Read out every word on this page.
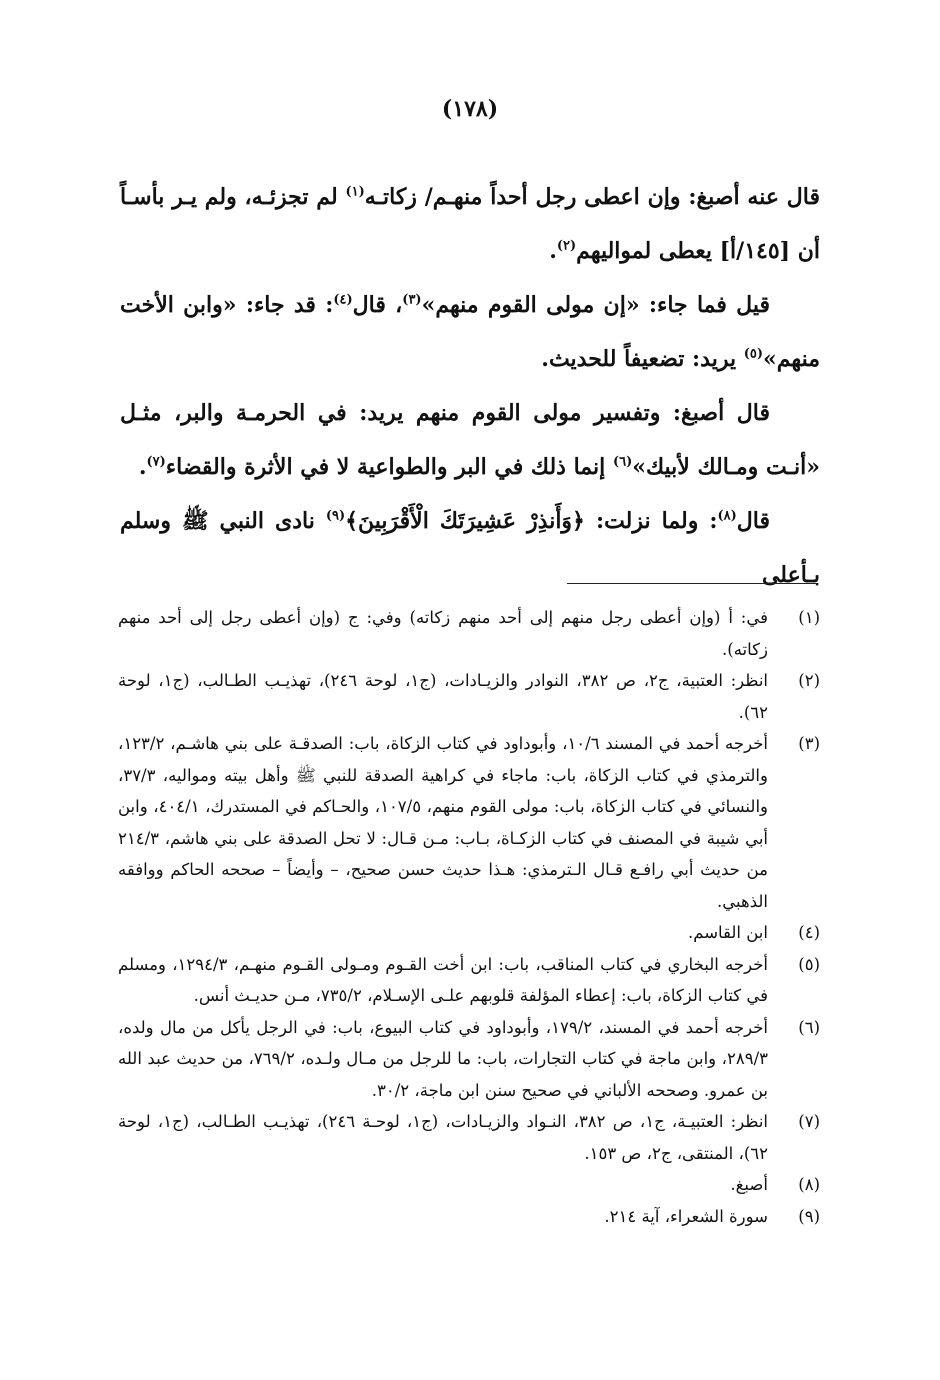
(١٧٨)

قال عنه أصبغ: وإن اعطى رجل أحداً منهـم/ زكاتـه$^{(١)}$ لم تجزئـه، ولم يـر بأسـاً أن [١٤٥/أ] يعطى لمواليهم$^{(٢)}$.

قيل فما جاء: «إن مولى القوم منهم»$^{(٣)}$، قال$^{(٤)}$: قد جاء: «وابن الأخت منهم»$^{(٥)}$ يريد: تضعيفاً للحديث.

قال أصبغ: وتفسير مولى القوم منهم يريد: في الحرمـة والبر، مثـل «أنـت ومـالك لأبيك»$^{(٦)}$ إنما ذلك في البر والطواعية لا في الأثرة والقضاء$^{(٧)}$.

قال$^{(٨)}$: ولما نزلت: ﴿وَأَنذِرْ عَشِيرَتَكَ الْأَقْرَبِينَ﴾$^{(٩)}$ نادى النبي ﷺ وسلم بـأعلى

(١)
في: أ (وإن أعطى رجل منهم إلى أحد منهم زكاته) وفي: ج (وإن أعطى رجل إلى أحد منهم زكاته).
(٢)
انظر: العتبية، ج٢، ص ٣٨٢، النوادر والزيـادات، (ج١، لوحة ٢٤٦)، تهذيـب الطـالب، (ج١، لوحة ٦٢).
(٣)
أخرجه أحمد في المسند ١٠/٦، وأبوداود في كتاب الزكاة، باب: الصدقـة على بني هاشـم، ١٢٣/٢، والترمذي في كتاب الزكاة، باب: ماجاء في كراهية الصدقة للنبي ﷺ وأهل بيته ومواليه، ٣٧/٣، والنسائي في كتاب الزكاة، باب: مولى القوم منهم، ١٠٧/٥، والحـاكم في المستدرك، ٤٠٤/١، وابن أبي شيبة في المصنف في كتاب الزكـاة، بـاب: مـن قـال: لا تحل الصدقة على بني هاشم، ٢١٤/٣ من حديث أبي رافـع قـال الـترمذي: هـذا حديث حسن صحيح، – وأيضاً – صححه الحاكم ووافقه الذهبي.
(٤)
ابن القاسم.
(٥)
أخرجه البخاري في كتاب المناقب، باب: ابن أخت القـوم ومـولى القـوم منهـم، ١٢٩٤/٣، ومسلم في كتاب الزكاة، باب: إعطاء المؤلفة قلوبهم علـى الإسـلام، ٧٣٥/٢، مـن حديـث أنس.
(٦)
أخرجه أحمد في المسند، ١٧٩/٢، وأبوداود في كتاب البيوع، باب: في الرجل يأكل من مال ولده، ٢٨٩/٣، وابن ماجة في كتاب التجارات، باب: ما للرجل من مـال ولـده، ٧٦٩/٢، من حديث عبد الله بن عمرو. وصححه الألباني في صحيح سنن ابن ماجة، ٣٠/٢.
(٧)
انظر: العتبيـة، ج١، ص ٣٨٢، النـواد والزيـادات، (ج١، لوحـة ٢٤٦)، تهذيـب الطـالب، (ج١، لوحة ٦٢)، المنتقى، ج٢، ص ١٥٣.
(٨)
أصبغ.
(٩)
سورة الشعراء، آية ٢١٤.
